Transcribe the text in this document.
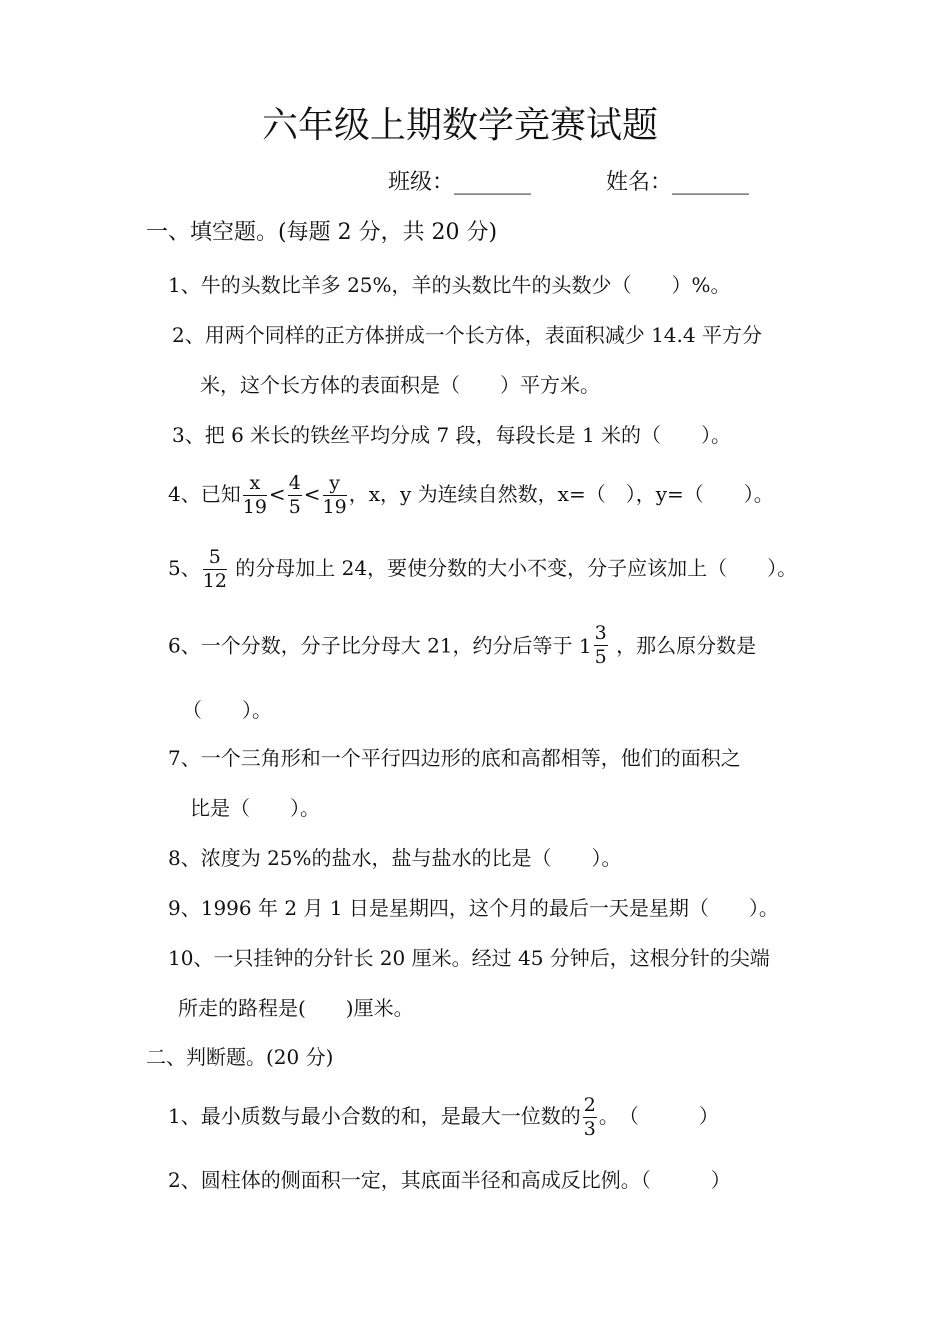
六年级上期数学竞赛试题
班级：_______	姓名：_______
一、填空题。(每题 2 分，共 20 分)
1、牛的头数比羊多 25%，羊的头数比牛的头数少（　　）%。
2、用两个同样的正方体拼成一个长方体，表面积减少 14.4 平方分
米，这个长方体的表面积是（　　）平方米。
3、把 6 米长的铁丝平均分成 7 段，每段长是 1 米的（　　）。
4、已知 $\frac{x}{19} < \frac{4}{5} < \frac{y}{19}$ ，x，y 为连续自然数，x=（　），y=（　　）。
5、 $\frac{5}{12}$ 的分母加上 24，要使分数的大小不变，分子应该加上（　　）。
6、一个分数，分子比分母大 21，约分后等于 $1 \frac{3}{5}$ ，那么原分数是
（　　）。
7、一个三角形和一个平行四边形的底和高都相等，他们的面积之
比是（　　）。
8、浓度为 25%的盐水，盐与盐水的比是（　　）。
9、1996 年 2 月 1 日是星期四，这个月的最后一天是星期（　　）。
10、一只挂钟的分针长 20 厘米。经过 45 分钟后，这根分针的尖端
所走的路程是(　　)厘米。
二、判断题。(20 分)
1、最小质数与最小合数的和，是最大一位数的 $\frac{2}{3}$ 。　（　　　）
2、圆柱体的侧面积一定，其底面半径和高成反比例。（　　　）
